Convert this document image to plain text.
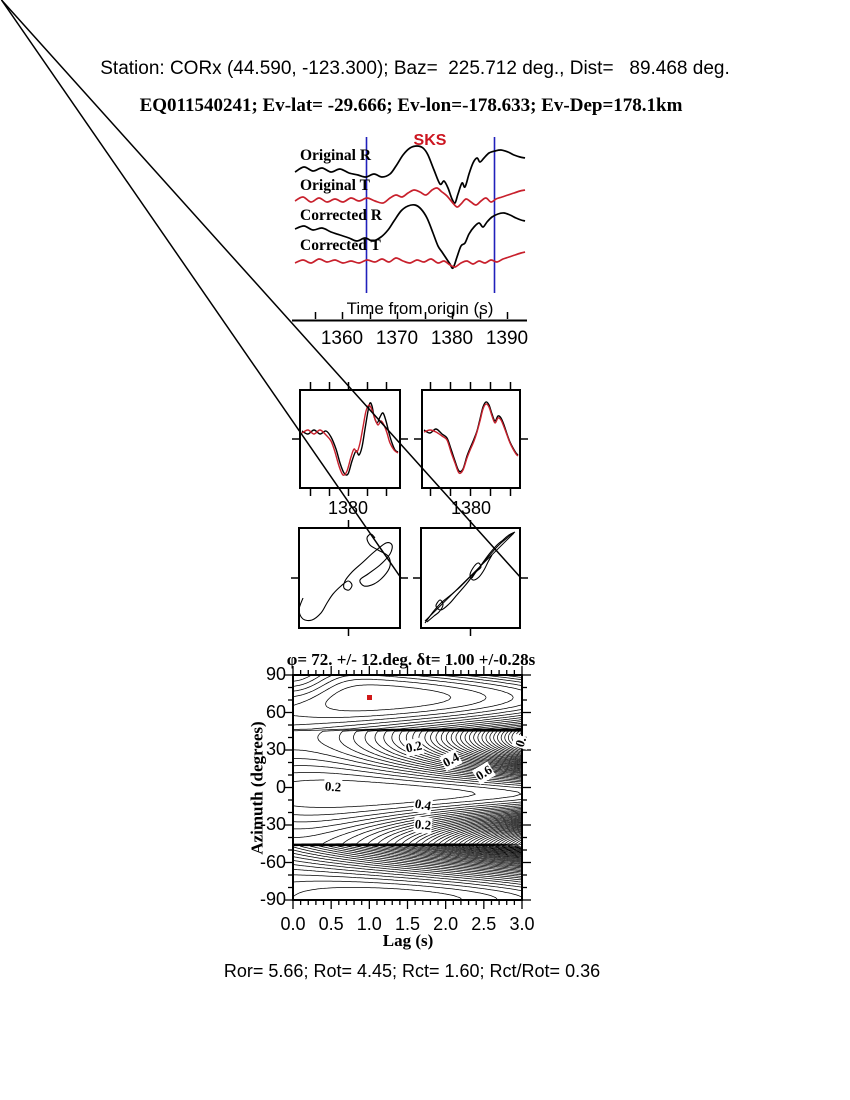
Station: CORx (44.590, -123.300); Baz=  225.712 deg., Dist=   89.468 deg.
EQ011540241; Ev-lat= -29.666; Ev-lon=-178.633; Ev-Dep=178.1km
SKS
Original R
Original T
Corrected R
Corrected T
Time from origin (s)
1380	1380
φ= 72. +/- 12.deg. δt= 1.00 +/-0.28s
Azimuth (degrees)
Lag (s)
Ror= 5.66; Rot= 4.45; Rct= 1.60; Rct/Rot= 0.36
1360 1370 1380 1390
90
60
30
0
-30
-60
-90
0.0 0.5 1.0 1.5 2.0 2.5 3.0
0.2
0.4
0.6
0.
0.2
0.4
0.2
